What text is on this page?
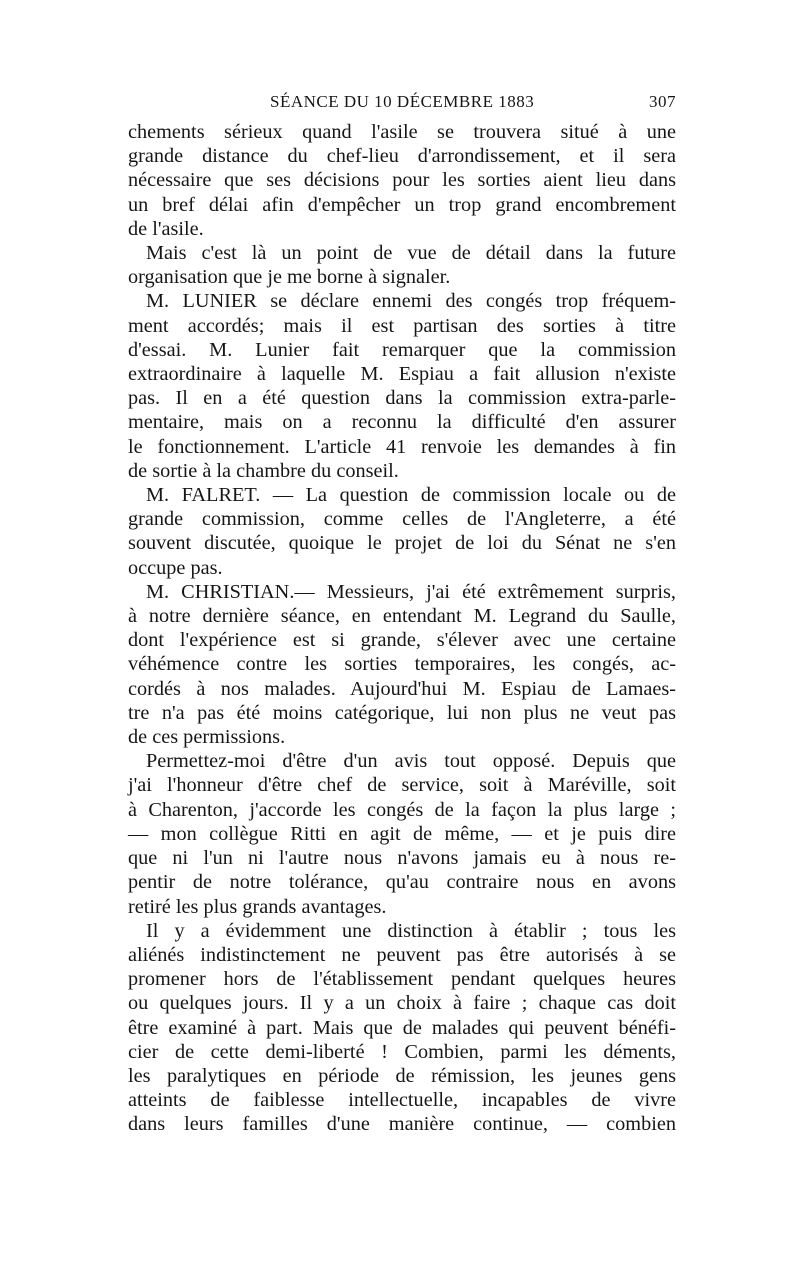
SÉANCE DU 10 DÉCEMBRE 1883	307

chements sérieux quand l'asile se trouvera situé à une
grande distance du chef-lieu d'arrondissement, et il sera
nécessaire que ses décisions pour les sorties aient lieu dans
un bref délai afin d'empêcher un trop grand encombrement
de l'asile.

Mais c'est là un point de vue de détail dans la future
organisation que je me borne à signaler.

M. LUNIER se déclare ennemi des congés trop fréquem-
ment accordés; mais il est partisan des sorties à titre
d'essai. M. Lunier fait remarquer que la commission
extraordinaire à laquelle M. Espiau a fait allusion n'existe
pas. Il en a été question dans la commission extra-parle-
mentaire, mais on a reconnu la difficulté d'en assurer
le fonctionnement. L'article 41 renvoie les demandes à fin
de sortie à la chambre du conseil.

M. FALRET. — La question de commission locale ou de
grande commission, comme celles de l'Angleterre, a été
souvent discutée, quoique le projet de loi du Sénat ne s'en
occupe pas.

M. CHRISTIAN.— Messieurs, j'ai été extrêmement surpris,
à notre dernière séance, en entendant M. Legrand du Saulle,
dont l'expérience est si grande, s'élever avec une certaine
véhémence contre les sorties temporaires, les congés, ac-
cordés à nos malades. Aujourd'hui M. Espiau de Lamaes-
tre n'a pas été moins catégorique, lui non plus ne veut pas
de ces permissions.

Permettez-moi d'être d'un avis tout opposé. Depuis que
j'ai l'honneur d'être chef de service, soit à Maréville, soit
à Charenton, j'accorde les congés de la façon la plus large ;
— mon collègue Ritti en agit de même, — et je puis dire
que ni l'un ni l'autre nous n'avons jamais eu à nous re-
pentir de notre tolérance, qu'au contraire nous en avons
retiré les plus grands avantages.

Il y a évidemment une distinction à établir ; tous les
aliénés indistinctement ne peuvent pas être autorisés à se
promener hors de l'établissement pendant quelques heures
ou quelques jours. Il y a un choix à faire ; chaque cas doit
être examiné à part. Mais que de malades qui peuvent bénéfi-
cier de cette demi-liberté ! Combien, parmi les déments,
les paralytiques en période de rémission, les jeunes gens
atteints de faiblesse intellectuelle, incapables de vivre
dans leurs familles d'une manière continue, — combien
